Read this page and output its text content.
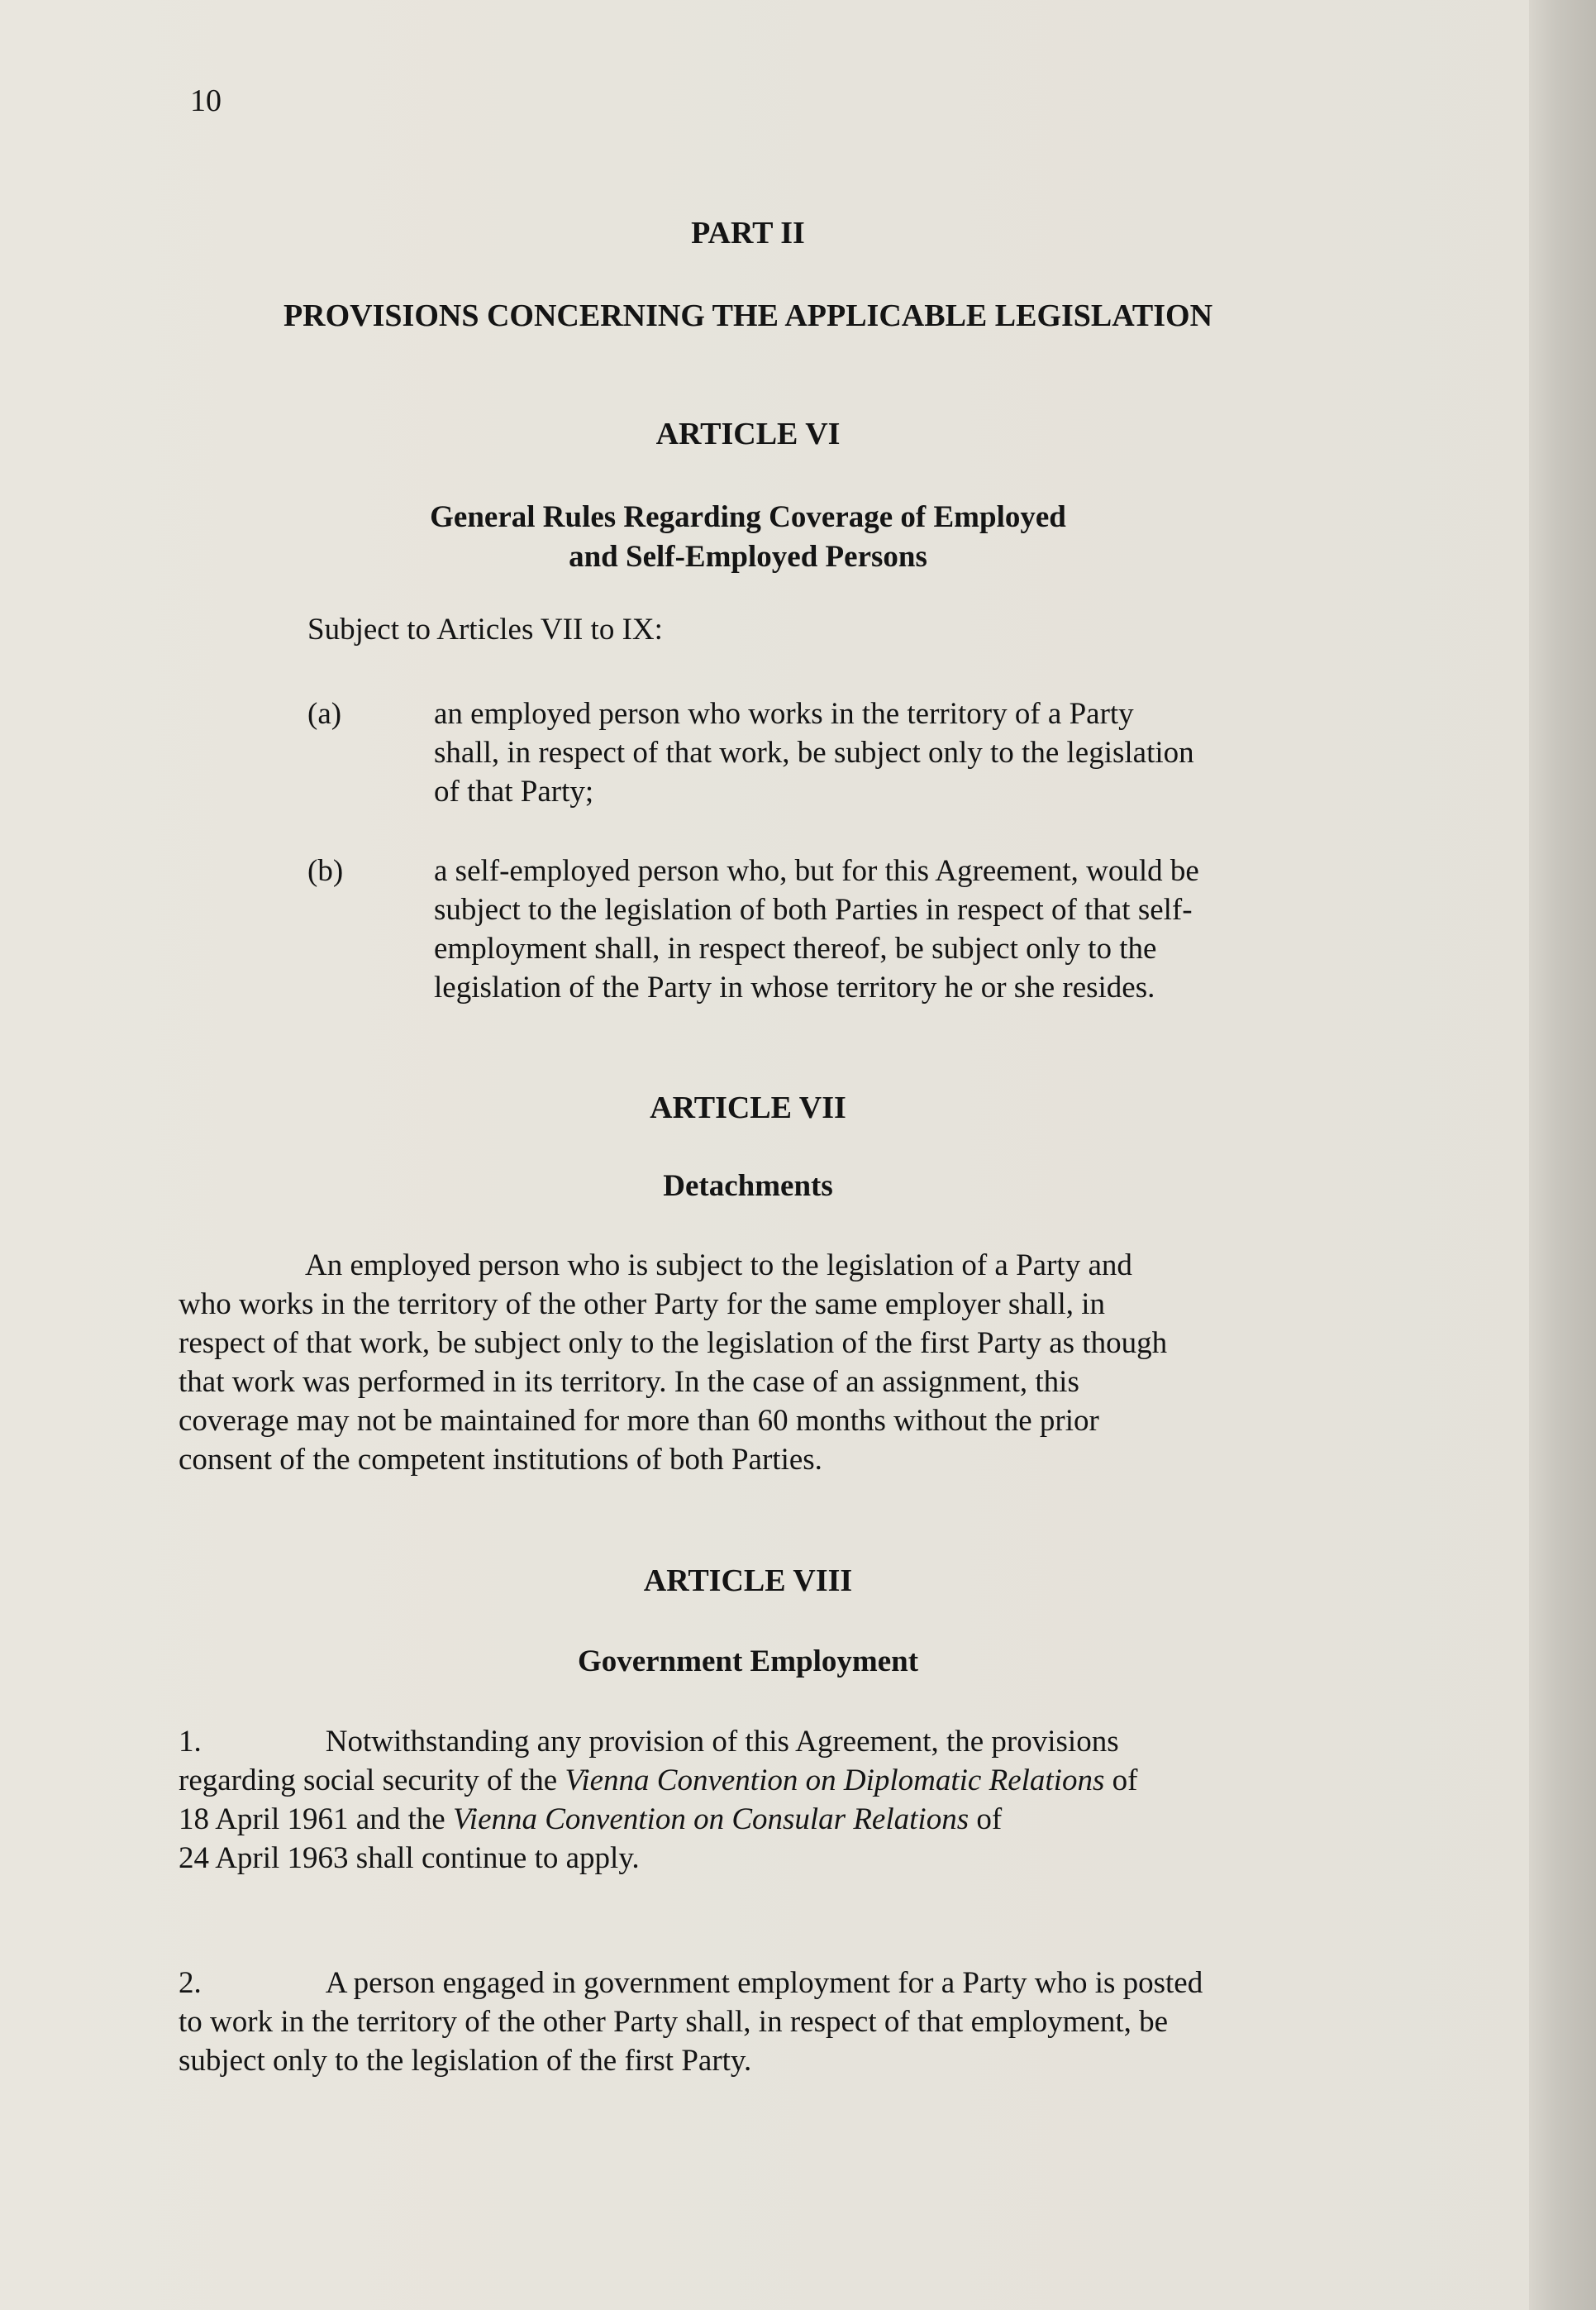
10

PART II

PROVISIONS CONCERNING THE APPLICABLE LEGISLATION

ARTICLE VI

General Rules Regarding Coverage of Employed
and Self-Employed Persons

Subject to Articles VII to IX:

(a)	an employed person who works in the territory of a Party
shall, in respect of that work, be subject only to the legislation
of that Party;

(b)	a self-employed person who, but for this Agreement, would be
subject to the legislation of both Parties in respect of that self-
employment shall, in respect thereof, be subject only to the
legislation of the Party in whose territory he or she resides.

ARTICLE VII

Detachments

An employed person who is subject to the legislation of a Party and
who works in the territory of the other Party for the same employer shall, in
respect of that work, be subject only to the legislation of the first Party as though
that work was performed in its territory. In the case of an assignment, this
coverage may not be maintained for more than 60 months without the prior
consent of the competent institutions of both Parties.

ARTICLE VIII

Government Employment

1.	Notwithstanding any provision of this Agreement, the provisions
regarding social security of the Vienna Convention on Diplomatic Relations of
18 April 1961 and the Vienna Convention on Consular Relations of
24 April 1963 shall continue to apply.

2.	A person engaged in government employment for a Party who is posted
to work in the territory of the other Party shall, in respect of that employment, be
subject only to the legislation of the first Party.
